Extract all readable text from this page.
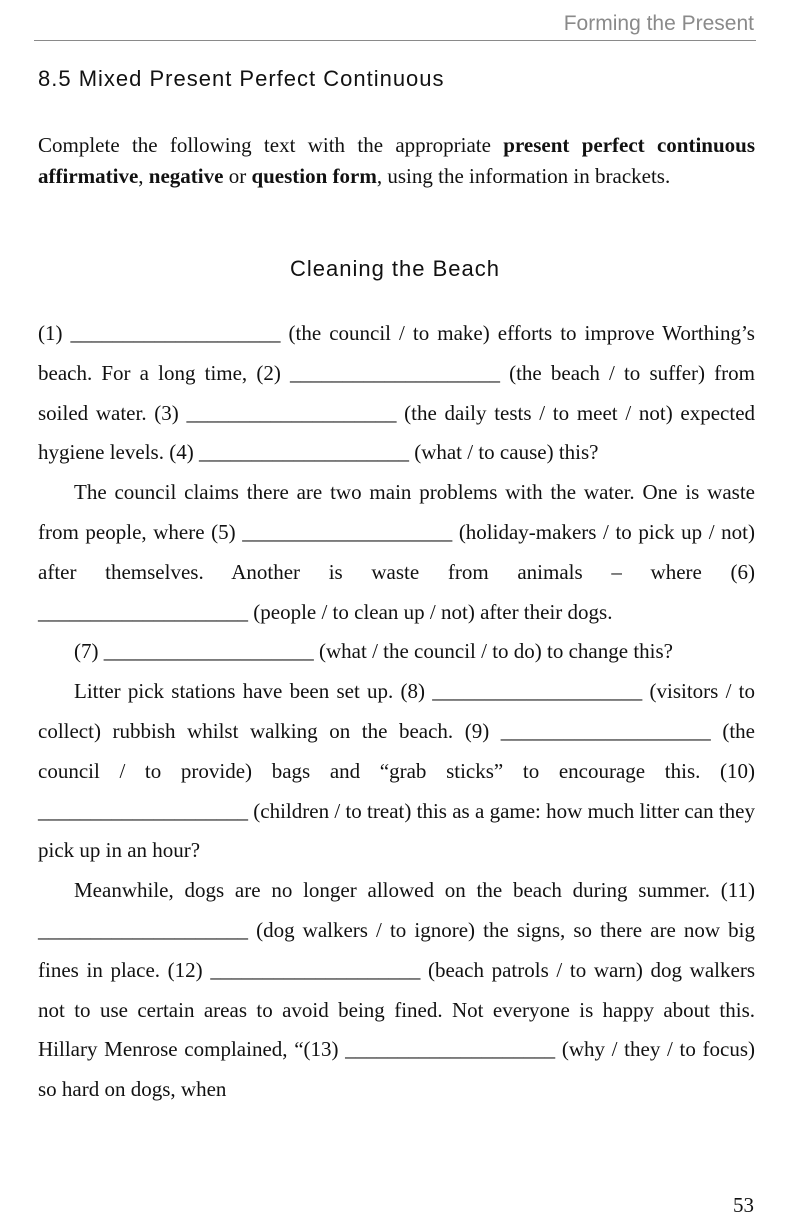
Forming the Present
8.5 Mixed Present Perfect Continuous

Complete the following text with the appropriate present perfect continuous affirmative, negative or question form, using the information in brackets.

Cleaning the Beach

(1) ____________________ (the council / to make) efforts to improve Worthing’s beach. For a long time, (2) ____________________ (the beach / to suffer) from soiled water. (3) ____________________ (the daily tests / to meet / not) expected hygiene levels. (4) ____________________ (what / to cause) this?

The council claims there are two main problems with the water. One is waste from people, where (5) ____________________ (holiday-makers / to pick up / not) after themselves. Another is waste from animals – where (6) ____________________ (people / to clean up / not) after their dogs.

(7) ____________________ (what / the council / to do) to change this?

Litter pick stations have been set up. (8) ____________________ (visitors / to collect) rubbish whilst walking on the beach. (9) ____________________ (the council / to provide) bags and “grab sticks” to encourage this. (10) ____________________ (children / to treat) this as a game: how much litter can they pick up in an hour?

Meanwhile, dogs are no longer allowed on the beach during summer. (11) ____________________ (dog walkers / to ignore) the signs, so there are now big fines in place. (12) ____________________ (beach patrols / to warn) dog walkers not to use certain areas to avoid being fined. Not everyone is happy about this. Hillary Menrose complained, “(13) ____________________ (why / they / to focus) so hard on dogs, when

53
